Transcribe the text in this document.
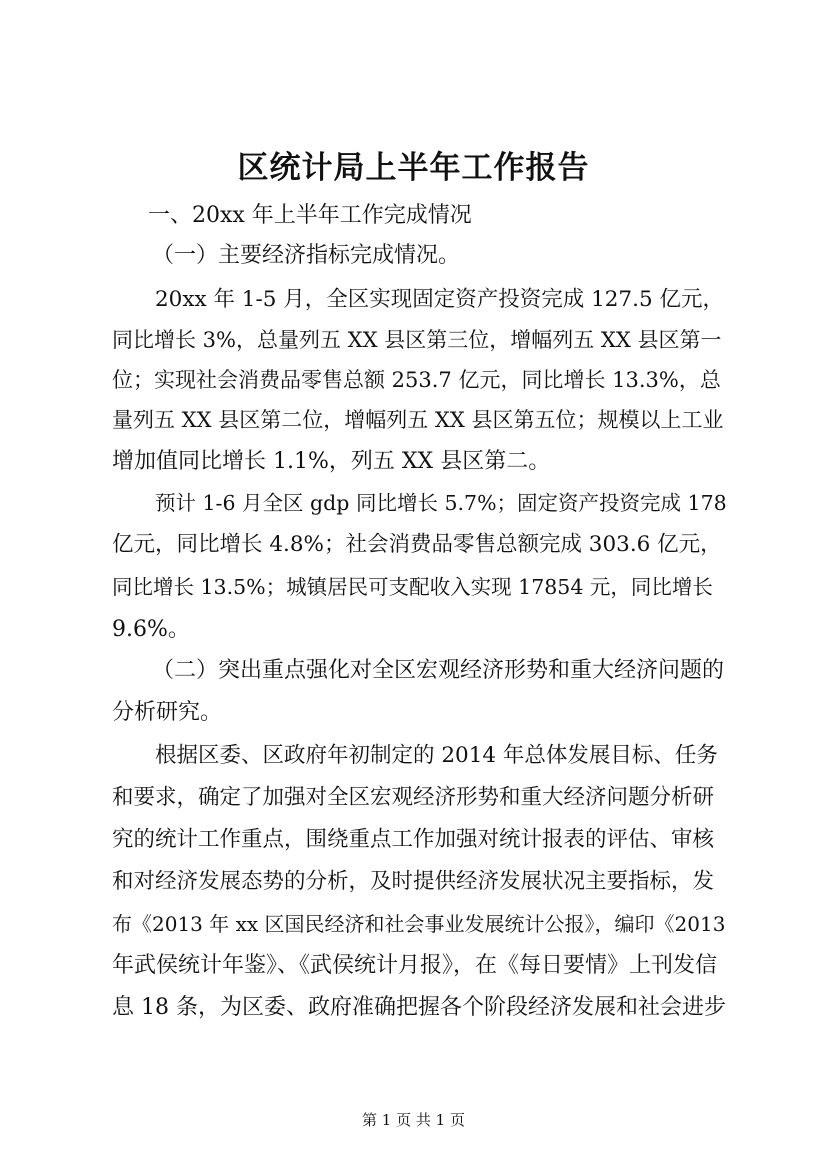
区统计局上半年工作报告
一、20xx 年上半年工作完成情况
（一）主要经济指标完成情况。
20xx 年 1-5 月，全区实现固定资产投资完成 127.5 亿元，
同比增长 3%，总量列五 XX 县区第三位，增幅列五 XX 县区第一
位；实现社会消费品零售总额 253.7 亿元，同比增长 13.3%，总
量列五 XX 县区第二位，增幅列五 XX 县区第五位；规模以上工业
增加值同比增长 1.1%，列五 XX 县区第二。
预计 1-6 月全区 gdp 同比增长 5.7%；固定资产投资完成 178
亿元，同比增长 4.8%；社会消费品零售总额完成 303.6 亿元，
同比增长 13.5%；城镇居民可支配收入实现 17854 元，同比增长
9.6%。
（二）突出重点强化对全区宏观经济形势和重大经济问题的
分析研究。
根据区委、区政府年初制定的 2014 年总体发展目标、任务
和要求，确定了加强对全区宏观经济形势和重大经济问题分析研
究的统计工作重点，围绕重点工作加强对统计报表的评估、审核
和对经济发展态势的分析，及时提供经济发展状况主要指标，发
布《2013 年 xx 区国民经济和社会事业发展统计公报》，编印《2013
年武侯统计年鉴》、《武侯统计月报》，在《每日要情》上刊发信
息 18 条，为区委、政府准确把握各个阶段经济发展和社会进步
第 1 页 共 1 页
